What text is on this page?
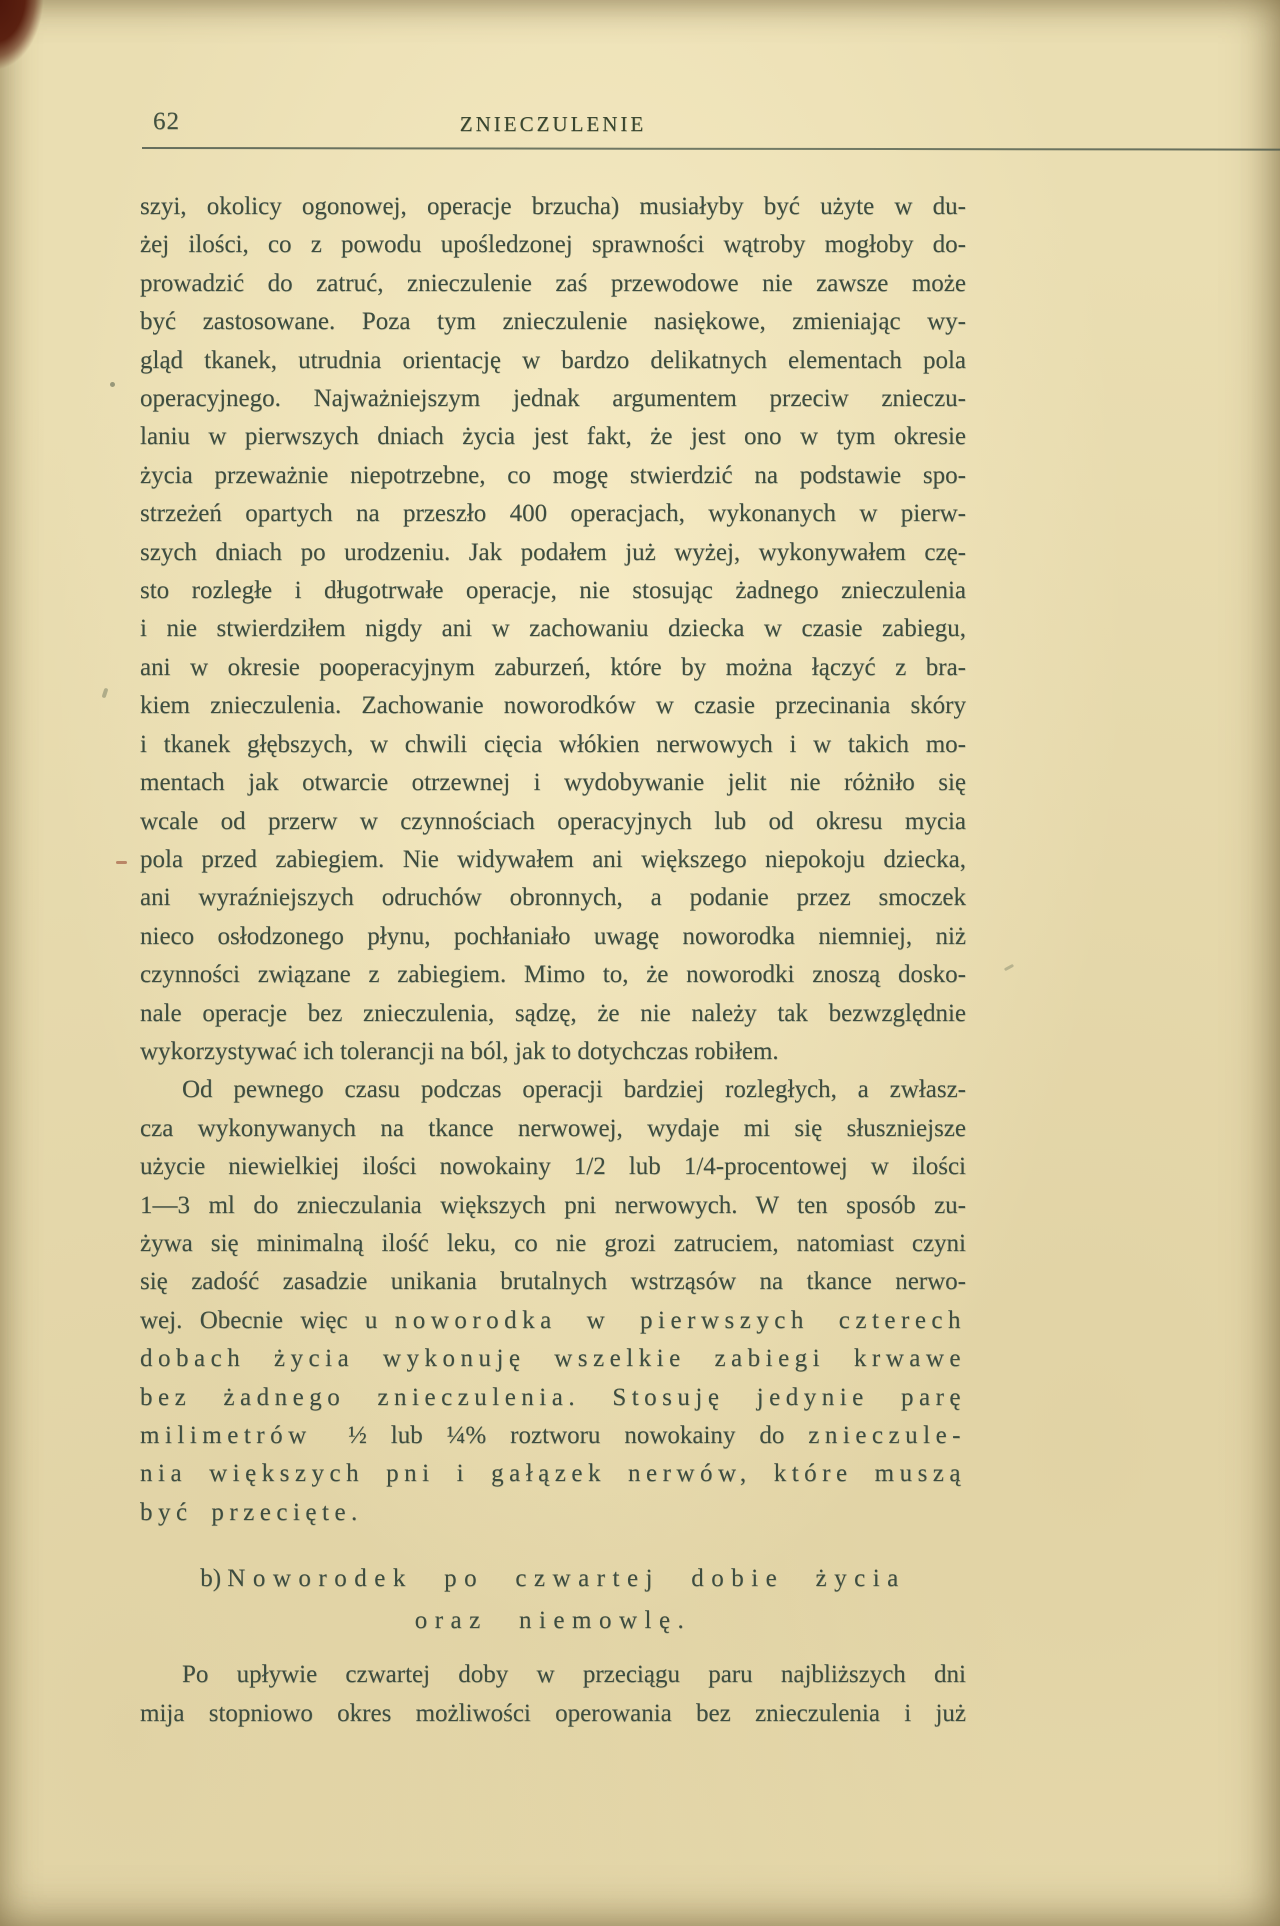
62	ZNIECZULENIE
szyi, okolicy ogonowej, operacje brzucha) musiałyby być użyte w du-
żej ilości, co z powodu upośledzonej sprawności wątroby mogłoby do-
prowadzić do zatruć, znieczulenie zaś przewodowe nie zawsze może
być zastosowane. Poza tym znieczulenie nasiękowe, zmieniając wy-
gląd tkanek, utrudnia orientację w bardzo delikatnych elementach pola
operacyjnego. Najważniejszym jednak argumentem przeciw znieczu-
laniu w pierwszych dniach życia jest fakt, że jest ono w tym okresie
życia przeważnie niepotrzebne, co mogę stwierdzić na podstawie spo-
strzeżeń opartych na przeszło 400 operacjach, wykonanych w pierw-
szych dniach po urodzeniu. Jak podałem już wyżej, wykonywałem czę-
sto rozległe i długotrwałe operacje, nie stosując żadnego znieczulenia
i nie stwierdziłem nigdy ani w zachowaniu dziecka w czasie zabiegu,
ani w okresie pooperacyjnym zaburzeń, które by można łączyć z bra-
kiem znieczulenia. Zachowanie noworodków w czasie przecinania skóry
i tkanek głębszych, w chwili cięcia włókien nerwowych i w takich mo-
mentach jak otwarcie otrzewnej i wydobywanie jelit nie różniło się
wcale od przerw w czynnościach operacyjnych lub od okresu mycia
pola przed zabiegiem. Nie widywałem ani większego niepokoju dziecka,
ani wyraźniejszych odruchów obronnych, a podanie przez smoczek
nieco osłodzonego płynu, pochłaniało uwagę noworodka niemniej, niż
czynności związane z zabiegiem. Mimo to, że noworodki znoszą dosko-
nale operacje bez znieczulenia, sądzę, że nie należy tak bezwzględnie
wykorzystywać ich tolerancji na ból, jak to dotychczas robiłem.
Od pewnego czasu podczas operacji bardziej rozległych, a zwłasz-
cza wykonywanych na tkance nerwowej, wydaje mi się słuszniejsze
użycie niewielkiej ilości nowokainy 1/2 lub 1/4-procentowej w ilości
1—3 ml do znieczulania większych pni nerwowych. W ten sposób zu-
żywa się minimalną ilość leku, co nie grozi zatruciem, natomiast czyni
się zadość zasadzie unikania brutalnych wstrząsów na tkance nerwo-
wej. Obecnie więc u noworodka w pierwszych czterech
dobach życia wykonuję wszelkie zabiegi krwawe
bez żadnego znieczulenia. Stosuję jedynie parę
milimetrów ½ lub ¼% roztworu nowokainy do znieczule-
nia większych pni i gałązek nerwów, które muszą
być przecięte.
b) Noworodek po czwartej dobie życia
oraz niemowlę.
Po upływie czwartej doby w przeciągu paru najbliższych dni
mija stopniowo okres możliwości operowania bez znieczulenia i już
